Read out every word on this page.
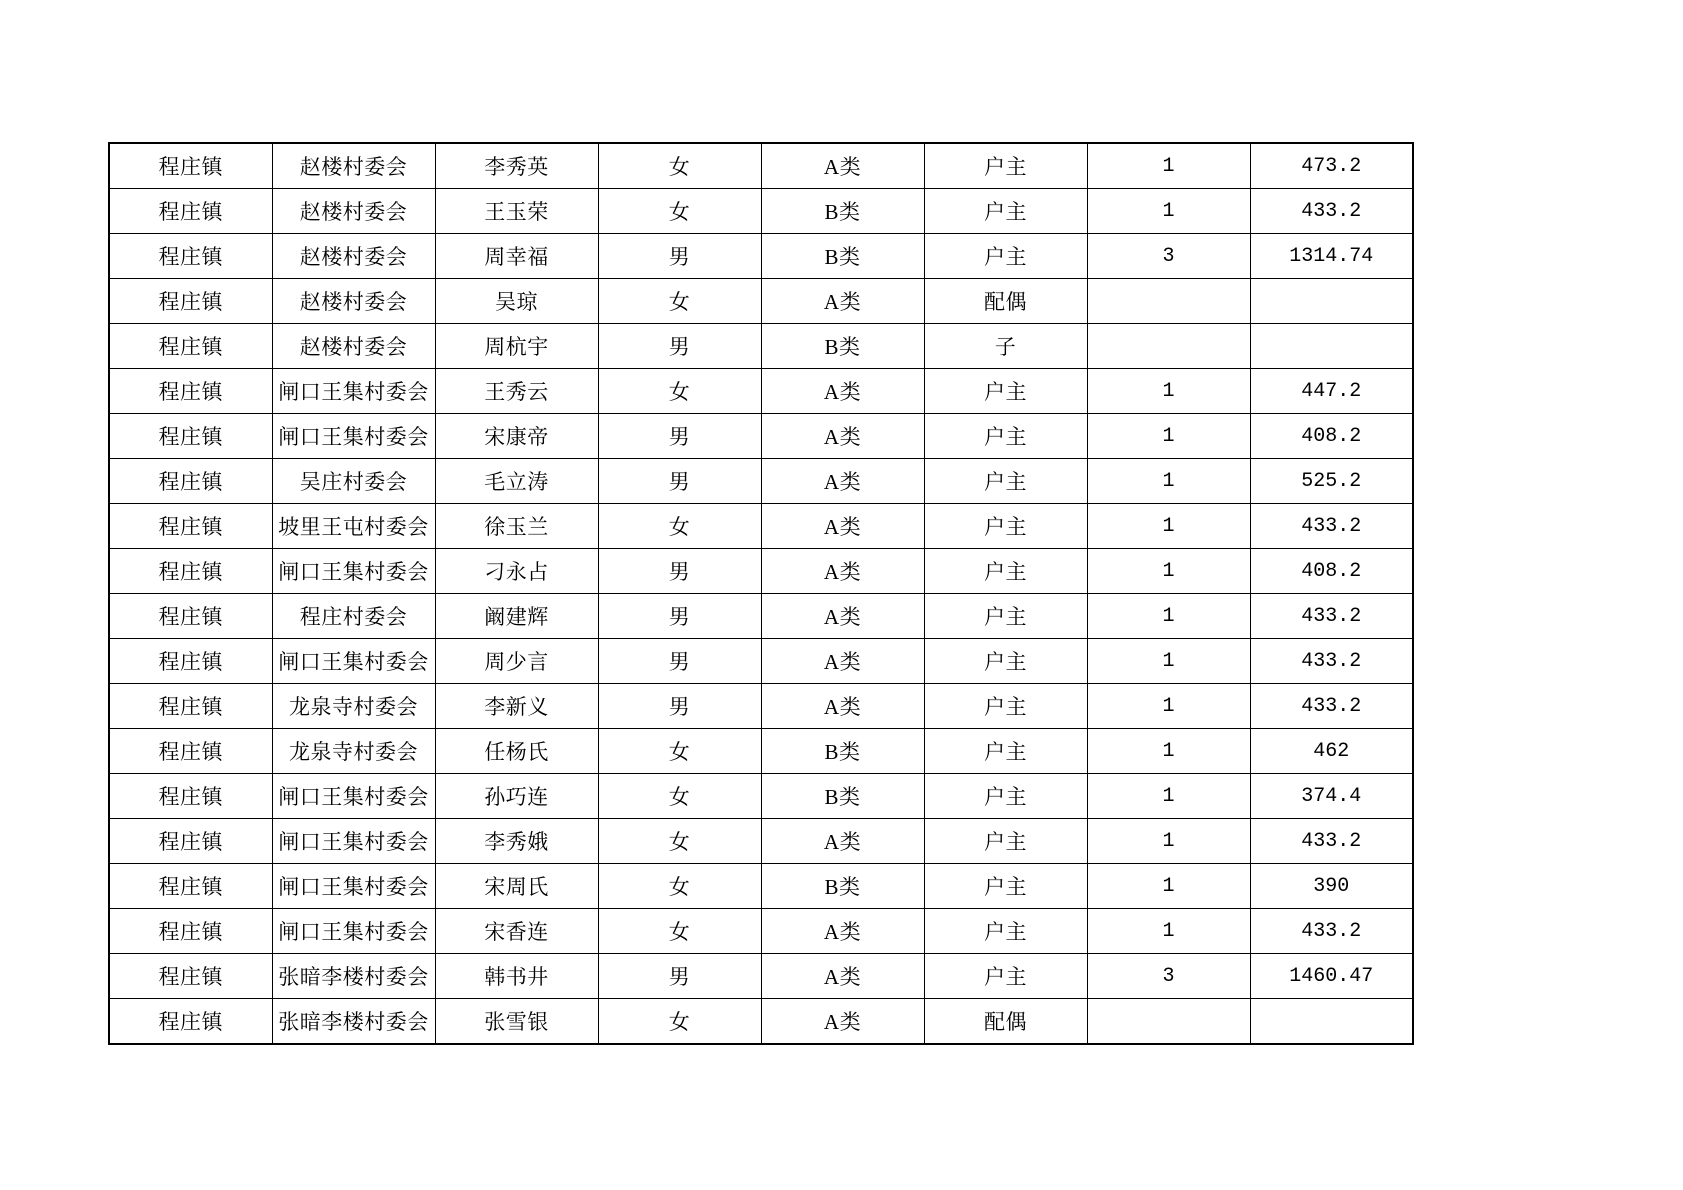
程庄镇	赵楼村委会	李秀英	女	A类	户主	1	473.2
程庄镇	赵楼村委会	王玉荣	女	B类	户主	1	433.2
程庄镇	赵楼村委会	周幸福	男	B类	户主	3	1314.74
程庄镇	赵楼村委会	吴琼	女	A类	配偶		
程庄镇	赵楼村委会	周杭宇	男	B类	子		
程庄镇	闸口王集村委会	王秀云	女	A类	户主	1	447.2
程庄镇	闸口王集村委会	宋康帝	男	A类	户主	1	408.2
程庄镇	吴庄村委会	毛立涛	男	A类	户主	1	525.2
程庄镇	坡里王屯村委会	徐玉兰	女	A类	户主	1	433.2
程庄镇	闸口王集村委会	刁永占	男	A类	户主	1	408.2
程庄镇	程庄村委会	阚建辉	男	A类	户主	1	433.2
程庄镇	闸口王集村委会	周少言	男	A类	户主	1	433.2
程庄镇	龙泉寺村委会	李新义	男	A类	户主	1	433.2
程庄镇	龙泉寺村委会	任杨氏	女	B类	户主	1	462
程庄镇	闸口王集村委会	孙巧连	女	B类	户主	1	374.4
程庄镇	闸口王集村委会	李秀娥	女	A类	户主	1	433.2
程庄镇	闸口王集村委会	宋周氏	女	B类	户主	1	390
程庄镇	闸口王集村委会	宋香连	女	A类	户主	1	433.2
程庄镇	张暗李楼村委会	韩书井	男	A类	户主	3	1460.47
程庄镇	张暗李楼村委会	张雪银	女	A类	配偶		
